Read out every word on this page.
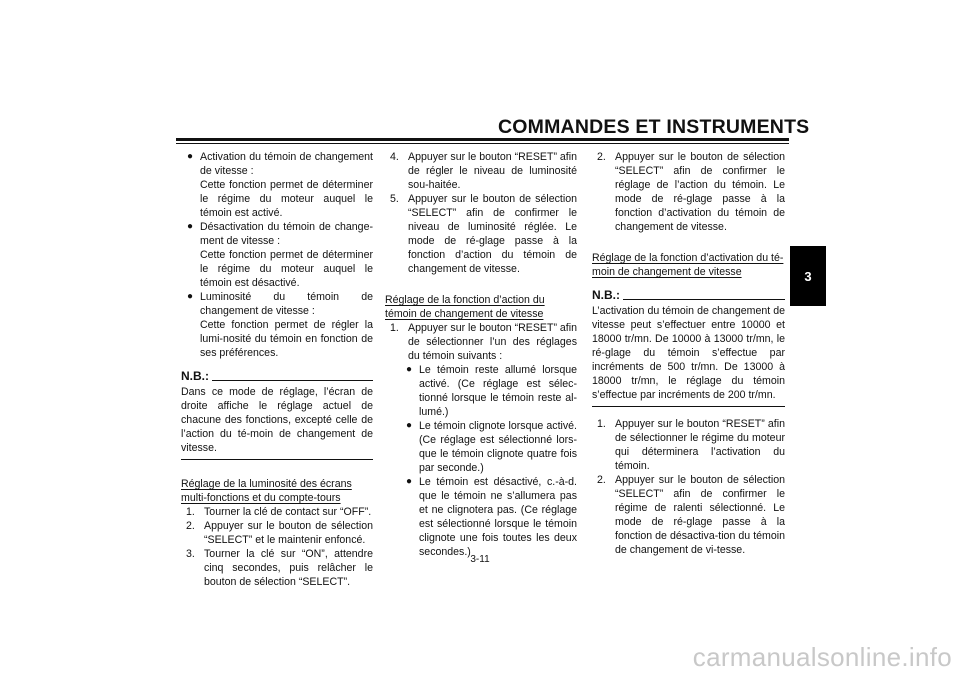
COMMANDES ET INSTRUMENTS
3
● Activation du témoin de changement de vitesse :
Cette fonction permet de déterminer le régime du moteur auquel le témoin est activé.
● Désactivation du témoin de change-ment de vitesse :
Cette fonction permet de déterminer le régime du moteur auquel le témoin est désactivé.
● Luminosité du témoin de changement de vitesse :
Cette fonction permet de régler la lumi-nosité du témoin en fonction de ses préférences.
N.B.:
Dans ce mode de réglage, l’écran de droite affiche le réglage actuel de chacune des fonctions, excepté celle de l’action du té-moin de changement de vitesse.
Réglage de la luminosité des écrans multi-fonctions et du compte-tours
1. Tourner la clé de contact sur “OFF”.
2. Appuyer sur le bouton de sélection “SELECT” et le maintenir enfoncé.
3. Tourner la clé sur “ON”, attendre cinq secondes, puis relâcher le bouton de sélection “SELECT”.
4. Appuyer sur le bouton “RESET” afin de régler le niveau de luminosité sou-haitée.
5. Appuyer sur le bouton de sélection “SELECT” afin de confirmer le niveau de luminosité réglée. Le mode de ré-glage passe à la fonction d’action du témoin de changement de vitesse.
Réglage de la fonction d’action du témoin de changement de vitesse
1. Appuyer sur le bouton “RESET” afin de sélectionner l’un des réglages du témoin suivants :
● Le témoin reste allumé lorsque activé. (Ce réglage est sélec-tionné lorsque le témoin reste al-lumé.)
● Le témoin clignote lorsque activé. (Ce réglage est sélectionné lors-que le témoin clignote quatre fois par seconde.)
● Le témoin est désactivé, c.-à-d. que le témoin ne s’allumera pas et ne clignotera pas. (Ce réglage est sélectionné lorsque le témoin clignote une fois toutes les deux secondes.)
2. Appuyer sur le bouton de sélection “SELECT” afin de confirmer le réglage de l’action du témoin. Le mode de ré-glage passe à la fonction d’activation du témoin de changement de vitesse.
Réglage de la fonction d’activation du té-moin de changement de vitesse
N.B.:
L’activation du témoin de changement de vitesse peut s’effectuer entre 10000 et 18000 tr/mn. De 10000 à 13000 tr/mn, le ré-glage du témoin s’effectue par incréments de 500 tr/mn. De 13000 à 18000 tr/mn, le réglage du témoin s’effectue par incréments de 200 tr/mn.
1. Appuyer sur le bouton “RESET” afin de sélectionner le régime du moteur qui déterminera l’activation du témoin.
2. Appuyer sur le bouton de sélection “SELECT” afin de confirmer le régime de ralenti sélectionné. Le mode de ré-glage passe à la fonction de désactiva-tion du témoin de changement de vi-tesse.
3-11
carmanualsonline.info
